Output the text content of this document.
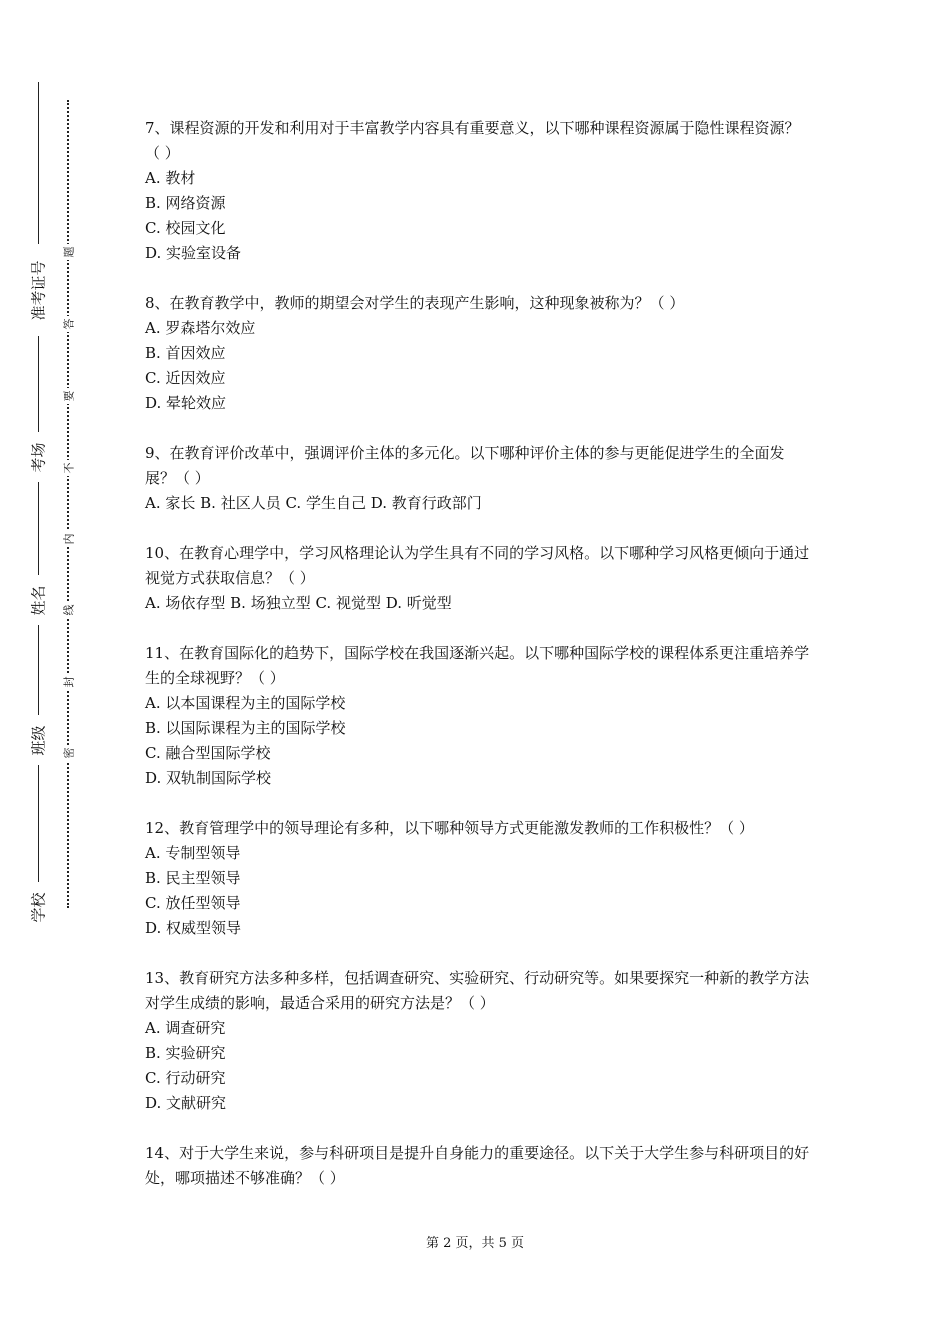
准考证号
考场
姓名
班级
学校
题
答
要
不
内
线
封
密
7、课程资源的开发和利用对于丰富教学内容具有重要意义，以下哪种课程资源属于隐性课程资源？（ ）
A. 教材
B. 网络资源
C. 校园文化
D. 实验室设备
8、在教育教学中，教师的期望会对学生的表现产生影响，这种现象被称为？（ ）
A. 罗森塔尔效应
B. 首因效应
C. 近因效应
D. 晕轮效应
9、在教育评价改革中，强调评价主体的多元化。以下哪种评价主体的参与更能促进学生的全面发展？（ ）
A. 家长 B. 社区人员 C. 学生自己 D. 教育行政部门
10、在教育心理学中，学习风格理论认为学生具有不同的学习风格。以下哪种学习风格更倾向于通过视觉方式获取信息？（ ）
A. 场依存型 B. 场独立型 C. 视觉型 D. 听觉型
11、在教育国际化的趋势下，国际学校在我国逐渐兴起。以下哪种国际学校的课程体系更注重培养学生的全球视野？（ ）
A. 以本国课程为主的国际学校
B. 以国际课程为主的国际学校
C. 融合型国际学校
D. 双轨制国际学校
12、教育管理学中的领导理论有多种，以下哪种领导方式更能激发教师的工作积极性？（ ）
A. 专制型领导
B. 民主型领导
C. 放任型领导
D. 权威型领导
13、教育研究方法多种多样，包括调查研究、实验研究、行动研究等。如果要探究一种新的教学方法对学生成绩的影响，最适合采用的研究方法是？（ ）
A. 调查研究
B. 实验研究
C. 行动研究
D. 文献研究
14、对于大学生来说，参与科研项目是提升自身能力的重要途径。以下关于大学生参与科研项目的好处，哪项描述不够准确？（ ）
第 2 页，共 5 页
